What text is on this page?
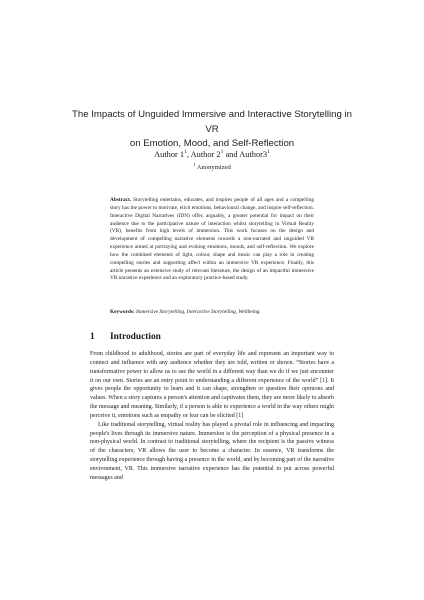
The Impacts of Unguided Immersive and Interactive Storytelling in VR
on Emotion, Mood, and Self-Reflection
Author $1^1$, Author $2^1$ and $Author3^1$
$^1$ Anonymized
Abstract. Storytelling entertains, educates, and inspires people of all ages and a compelling story has the power to motivate, elicit emotions, behavioural change, and inspire self-reflection. Interactive Digital Narratives (IDN) offer, arguably, a greater potential for impact on their audience due to the participative nature of interaction whilst storytelling in Virtual Reality (VR), benefits from high levels of immersion. This work focuses on the design and development of compelling narrative elements towards a non-narrated and unguided VR experience aimed at portraying and evoking emotions, moods, and self-reflection. We explore how the combined elements of light, colour, shape and music can play a role in creating compelling stories and supporting affect within an immersive VR experience. Finally, this article presents an extensive study of relevant literature, the design of an impactful immersive VR narrative experience and an exploratory practice-based study.
Keywords: Immersive Storytelling, Interactive Storytelling, Wellbeing.
1 Introduction

From childhood to adulthood, stories are part of everyday life and represent an important way to connect and influence with any audience whether they are told, written or shown. “Stories have a transformative power to allow us to see the world in a different way than we do if we just encounter it on our own. Stories are an entry point to understanding a different experience of the world” [1]. It gives people the opportunity to learn and it can shape, strengthen or question their opinions and values. When a story captures a person's attention and captivates them, they are more likely to absorb the message and meaning. Similarly, if a person is able to experience a world in the way others might perceive it, emotions such as empathy or fear can be elicited [1]

Like traditional storytelling, virtual reality has played a pivotal role in influencing and impacting people's lives through its immersive nature. Immersion is the perception of a physical presence in a non-physical world. In contrast to traditional storytelling, where the recipient is the passive witness of the characters, VR allows the user to become a character. In essence, VR transforms the storytelling experience through having a presence in the world, and by becoming part of the narrative environment, VR. This immersive narrative experience has the potential to put across powerful messages and
